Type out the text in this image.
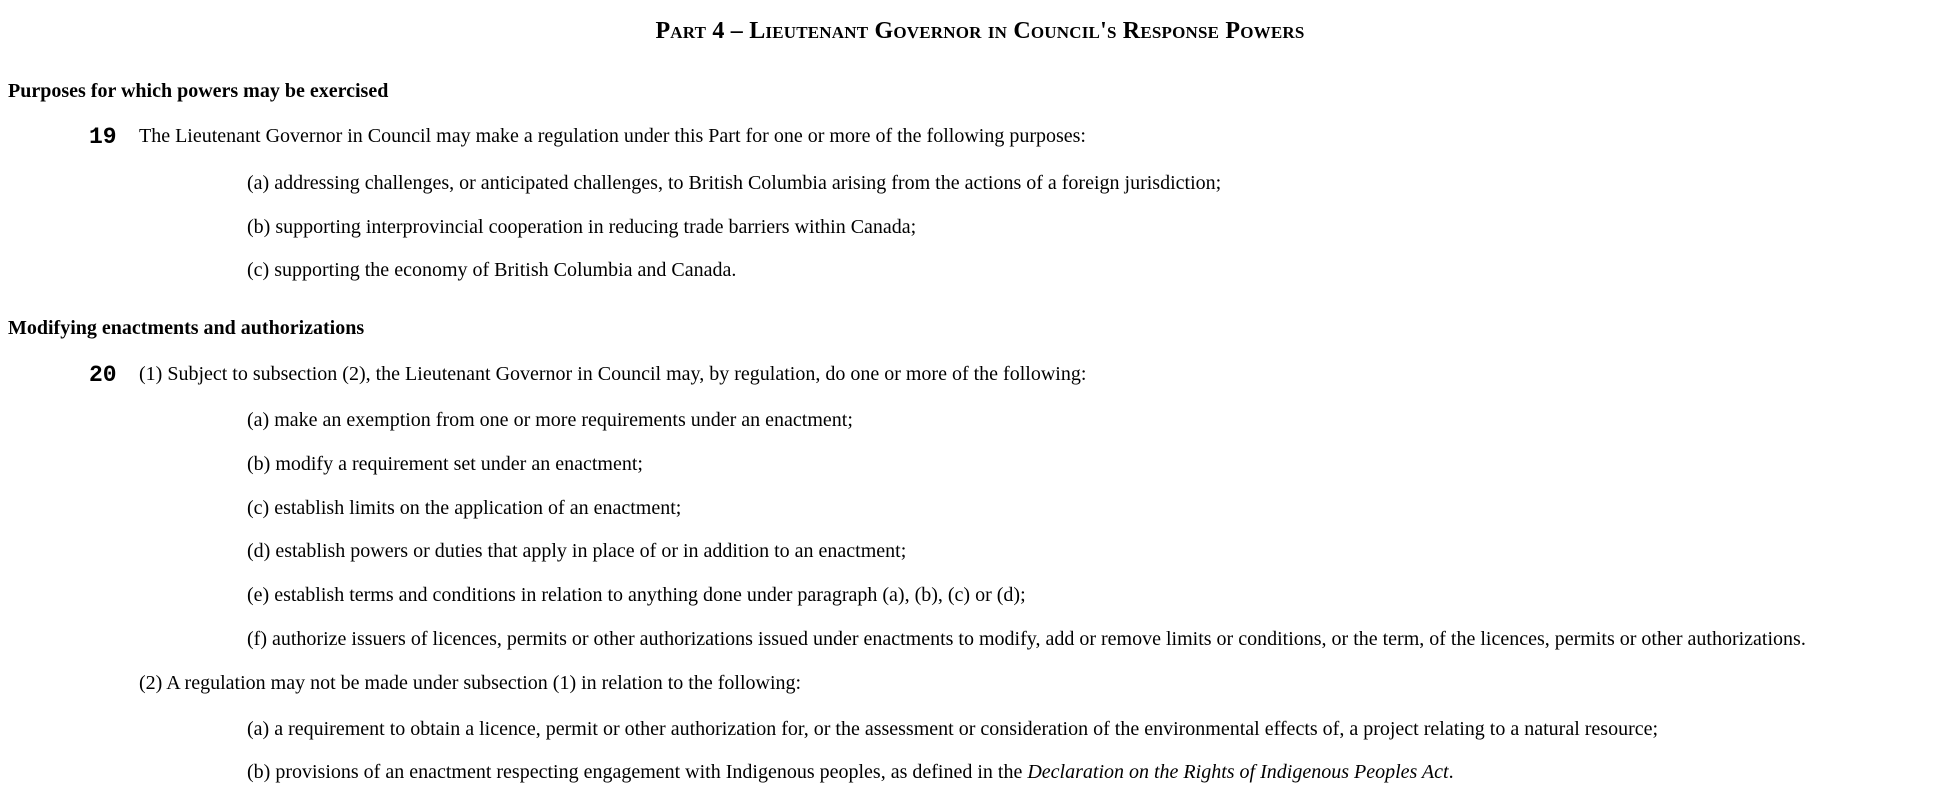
Part 4 – Lieutenant Governor in Council's Response Powers
Purposes for which powers may be exercised
19 The Lieutenant Governor in Council may make a regulation under this Part for one or more of the following purposes:
(a) addressing challenges, or anticipated challenges, to British Columbia arising from the actions of a foreign jurisdiction;
(b) supporting interprovincial cooperation in reducing trade barriers within Canada;
(c) supporting the economy of British Columbia and Canada.
Modifying enactments and authorizations
20 (1) Subject to subsection (2), the Lieutenant Governor in Council may, by regulation, do one or more of the following:
(a) make an exemption from one or more requirements under an enactment;
(b) modify a requirement set under an enactment;
(c) establish limits on the application of an enactment;
(d) establish powers or duties that apply in place of or in addition to an enactment;
(e) establish terms and conditions in relation to anything done under paragraph (a), (b), (c) or (d);
(f) authorize issuers of licences, permits or other authorizations issued under enactments to modify, add or remove limits or conditions, or the term, of the licences, permits or other authorizations.
(2) A regulation may not be made under subsection (1) in relation to the following:
(a) a requirement to obtain a licence, permit or other authorization for, or the assessment or consideration of the environmental effects of, a project relating to a natural resource;
(b) provisions of an enactment respecting engagement with Indigenous peoples, as defined in the Declaration on the Rights of Indigenous Peoples Act.
